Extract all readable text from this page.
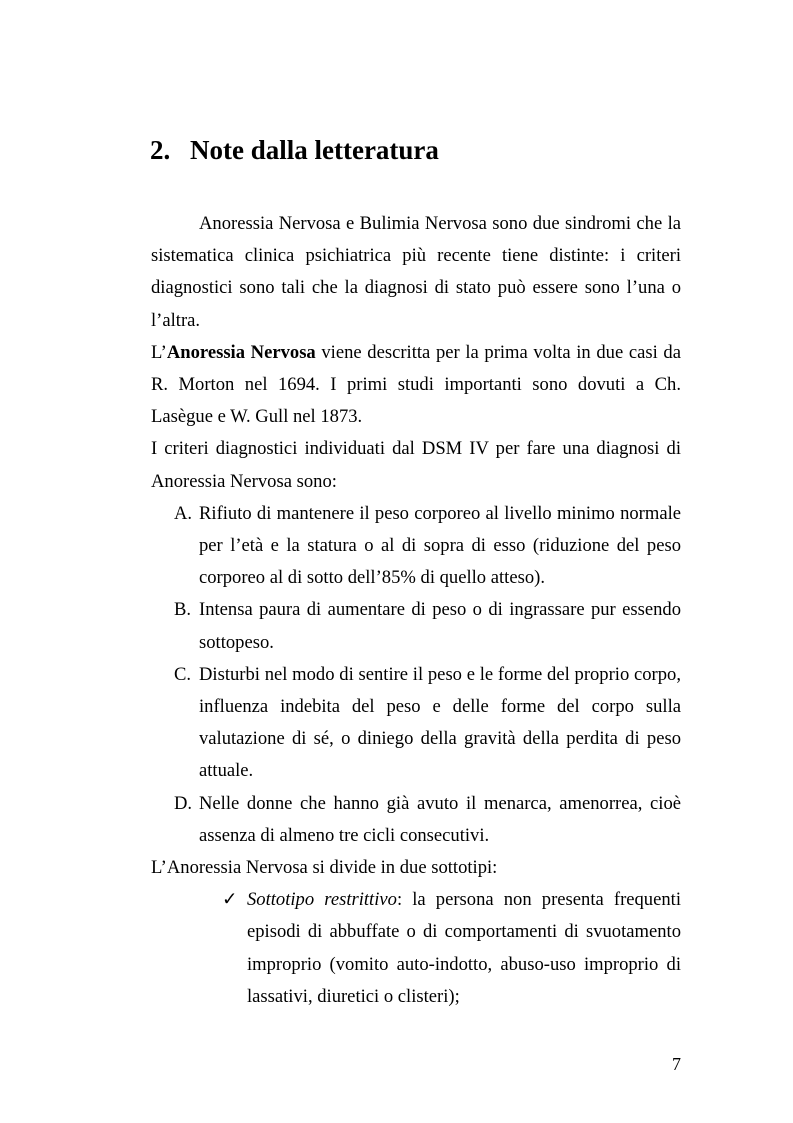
2. Note dalla letteratura

Anoressia Nervosa e Bulimia Nervosa sono due sindromi che la sistematica clinica psichiatrica più recente tiene distinte: i criteri diagnostici sono tali che la diagnosi di stato può essere sono l’una o l’altra.

L’Anoressia Nervosa viene descritta per la prima volta in due casi da R. Morton nel 1694. I primi studi importanti sono dovuti a Ch. Lasègue e W. Gull nel 1873.

I criteri diagnostici individuati dal DSM IV per fare una diagnosi di Anoressia Nervosa sono:

A. Rifiuto di mantenere il peso corporeo al livello minimo normale per l’età e la statura o al di sopra di esso (riduzione del peso corporeo al di sotto dell’85% di quello atteso).

B. Intensa paura di aumentare di peso o di ingrassare pur essendo sottopeso.

C. Disturbi nel modo di sentire il peso e le forme del proprio corpo, influenza indebita del peso e delle forme del corpo sulla valutazione di sé, o diniego della gravità della perdita di peso attuale.

D. Nelle donne che hanno già avuto il menarca, amenorrea, cioè assenza di almeno tre cicli consecutivi.

L’Anoressia Nervosa si divide in due sottotipi:

✓ Sottotipo restrittivo: la persona non presenta frequenti episodi di abbuffate o di comportamenti di svuotamento improprio (vomito auto-indotto, abuso-uso improprio di lassativi, diuretici o clisteri);

7
